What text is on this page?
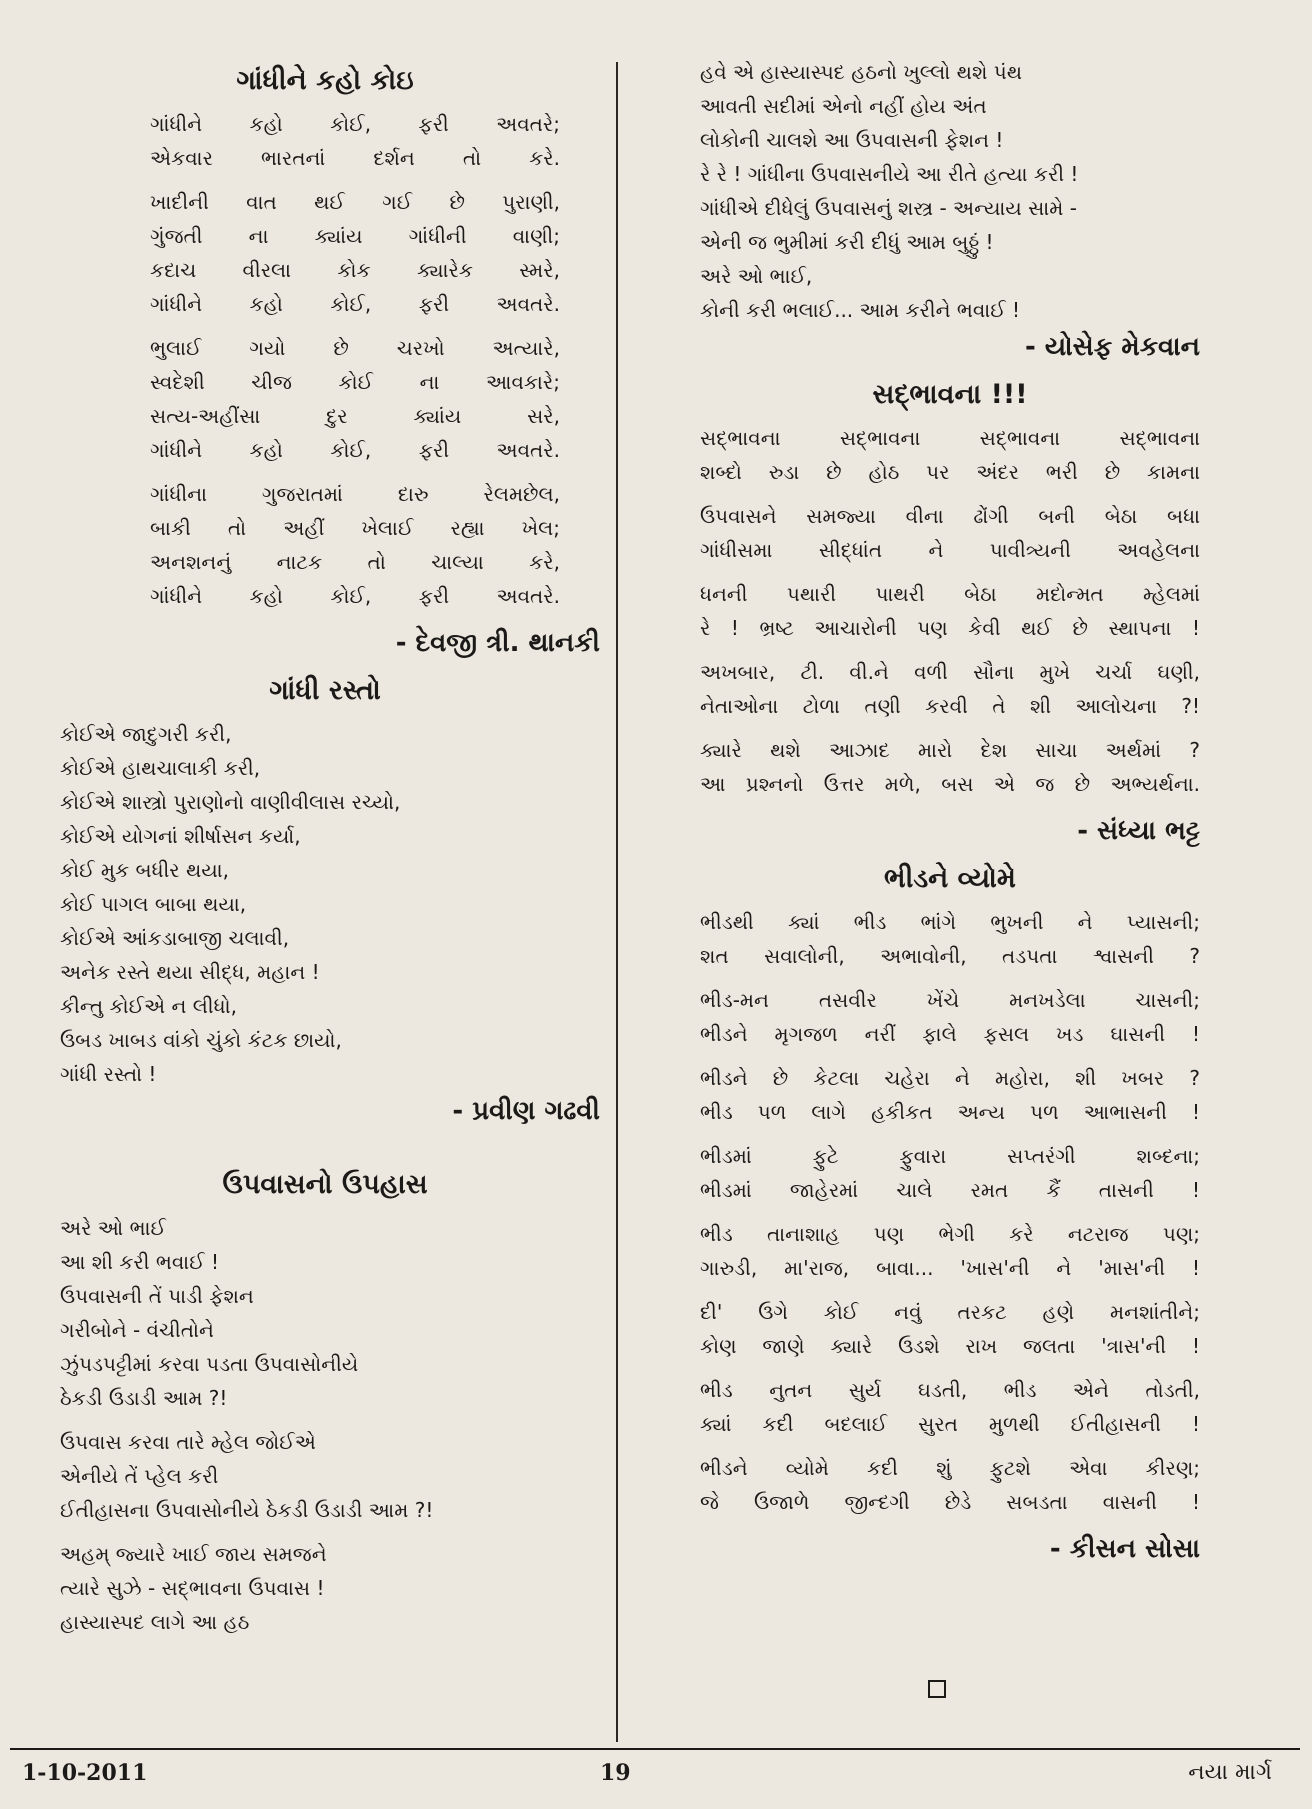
ગાંધીને કહો કોઇ
ગાંધીને કહો કોઈ, ફરી અવતરે;
એકવાર ભારતનાં દર્શન તો કરે.
ખાદીની વાત થઈ ગઈ છે પુરાણી,
ગુંજતી ના ક્યાંય ગાંધીની વાણી;
કદાચ વીરલા કોક ક્યારેક સ્મરે,
ગાંધીને કહો કોઈ, ફરી અવતરે.
ભુલાઈ ગયો છે ચરખો અત્યારે,
સ્વદેશી ચીજ કોઈ ના આવકારે;
સત્ય-અહીંસા દુર ક્યાંય સરે,
ગાંધીને કહો કોઈ, ફરી અવતરે.
ગાંધીના ગુજરાતમાં દારુ રેલમછેલ,
બાકી તો અહીં ખેલાઈ રહ્યા ખેલ;
અનશનનું નાટક તો ચાલ્યા કરે,
ગાંધીને કહો કોઈ, ફરી અવતરે.
- દેવજી ત્રી. થાનકી
ગાંધી રસ્તો
કોઈએ જાદુગરી કરી,
કોઈએ હાથચાલાકી કરી,
કોઈએ શાસ્ત્રો પુરાણોનો વાણીવીલાસ રચ્યો,
કોઈએ યોગનાં શીર્ષાસન કર્યા,
કોઈ મુક બધીર થયા,
કોઈ પાગલ બાબા થયા,
કોઈએ આંકડાબાજી ચલાવી,
અનેક રસ્તે થયા સીદ્ધ, મહાન !
કીન્તુ કોઈએ ન લીધો,
ઉબડ ખાબડ વાંકો ચુંકો કંટક છાયો,
ગાંધી રસ્તો !
- પ્રવીણ ગઢવી
ઉપવાસનો ઉપહાસ
અરે ઓ ભાઈ
આ શી કરી ભવાઈ !
ઉપવાસની તેં પાડી ફેશન
ગરીબોને - વંચીતોને
ઝુંપડપટ્ટીમાં કરવા પડતા ઉપવાસોનીયે
ઠેકડી ઉડાડી આમ ?!
ઉપવાસ કરવા તારે મ્હેલ જોઈએ
એનીયે તેં પ્હેલ કરી
ઈતીહાસના ઉપવાસોનીયે ઠેકડી ઉડાડી આમ ?!
અહમ્ જ્યારે ખાઈ જાય સમજને
ત્યારે સુઝે - સદ્ભાવના ઉપવાસ !
હાસ્યાસ્પદ લાગે આ હઠ
હવે એ હાસ્યાસ્પદ હઠનો ખુલ્લો થશે પંથ
આવતી સદીમાં એનો નહીં હોય અંત
લોકોની ચાલશે આ ઉપવાસની ફેશન !
રે રે ! ગાંધીના ઉપવાસનીયે આ રીતે હત્યા કરી !
ગાંધીએ દીધેલું ઉપવાસનું શસ્ત્ર - અન્યાય સામે -
એની જ ભુમીમાં કરી દીધું આમ બુઠ્ઠું !
અરે ઓ ભાઈ,
કોની કરી ભલાઈ... આમ કરીને ભવાઈ !
- યોસેફ મેકવાન
સદ્ભાવના !!!
સદ્ભાવના સદ્ભાવના સદ્ભાવના સદ્ભાવના
શબ્દો રુડા છે હોઠ પર અંદર ભરી છે કામના
ઉપવાસને સમજ્યા વીના ઢોંગી બની બેઠા બધા
ગાંધીસમા સીદ્ધાંત ને પાવીત્ર્યની અવહેલના
ધનની પથારી પાથરી બેઠા મદોન્મત મ્હેલમાં
રે ! ભ્રષ્ટ આચારોની પણ કેવી થઈ છે સ્થાપના !
અખબાર, ટી. વી.ને વળી સૌના મુખે ચર્ચા ઘણી,
નેતાઓના ટોળા તણી કરવી તે શી આલોચના ?!
ક્યારે થશે આઝાદ મારો દેશ સાચા અર્થમાં ?
આ પ્રશ્નનો ઉત્તર મળે, બસ એ જ છે અભ્યર્થના.
- સંધ્યા ભટ્ટ
ભીડને વ્યોમે
ભીડથી ક્યાં ભીડ ભાંગે ભુખની ને પ્યાસની;
શત સવાલોની, અભાવોની, તડપતા શ્વાસની ?
ભીડ-મન તસવીર ખેંચે મનખડેલા ચાસની;
ભીડને મૃગજળ નરીં ફાલે ફસલ ખડ ઘાસની !
ભીડને છે કેટલા ચહેરા ને મહોરા, શી ખબર ?
ભીડ પળ લાગે હકીકત અન્ય પળ આભાસની !
ભીડમાં ફુટે ફુવારા સપ્તરંગી શબ્દના;
ભીડમાં જાહેરમાં ચાલે રમત કૈં તાસની !
ભીડ તાનાશાહ પણ ભેગી કરે નટરાજ પણ;
ગારુડી, મા'રાજ, બાવા... 'ખાસ'ની ને 'માસ'ની !
દી' ઉગે કોઈ નવું તરકટ હણે મનશાંતીને;
કોણ જાણે ક્યારે ઉડશે રાખ જલતા 'ત્રાસ'ની !
ભીડ નુતન સુર્ય ઘડતી, ભીડ એને તોડતી,
ક્યાં કદી બદલાઈ સુરત મુળથી ઈતીહાસની !
ભીડને વ્યોમે કદી શું ફુટશે એવા કીરણ;
જે ઉજાળે જીન્દગી છેડે સબડતા વાસની !
- કીસન સોસા
1-10-2011	19	નયા માર્ગ
